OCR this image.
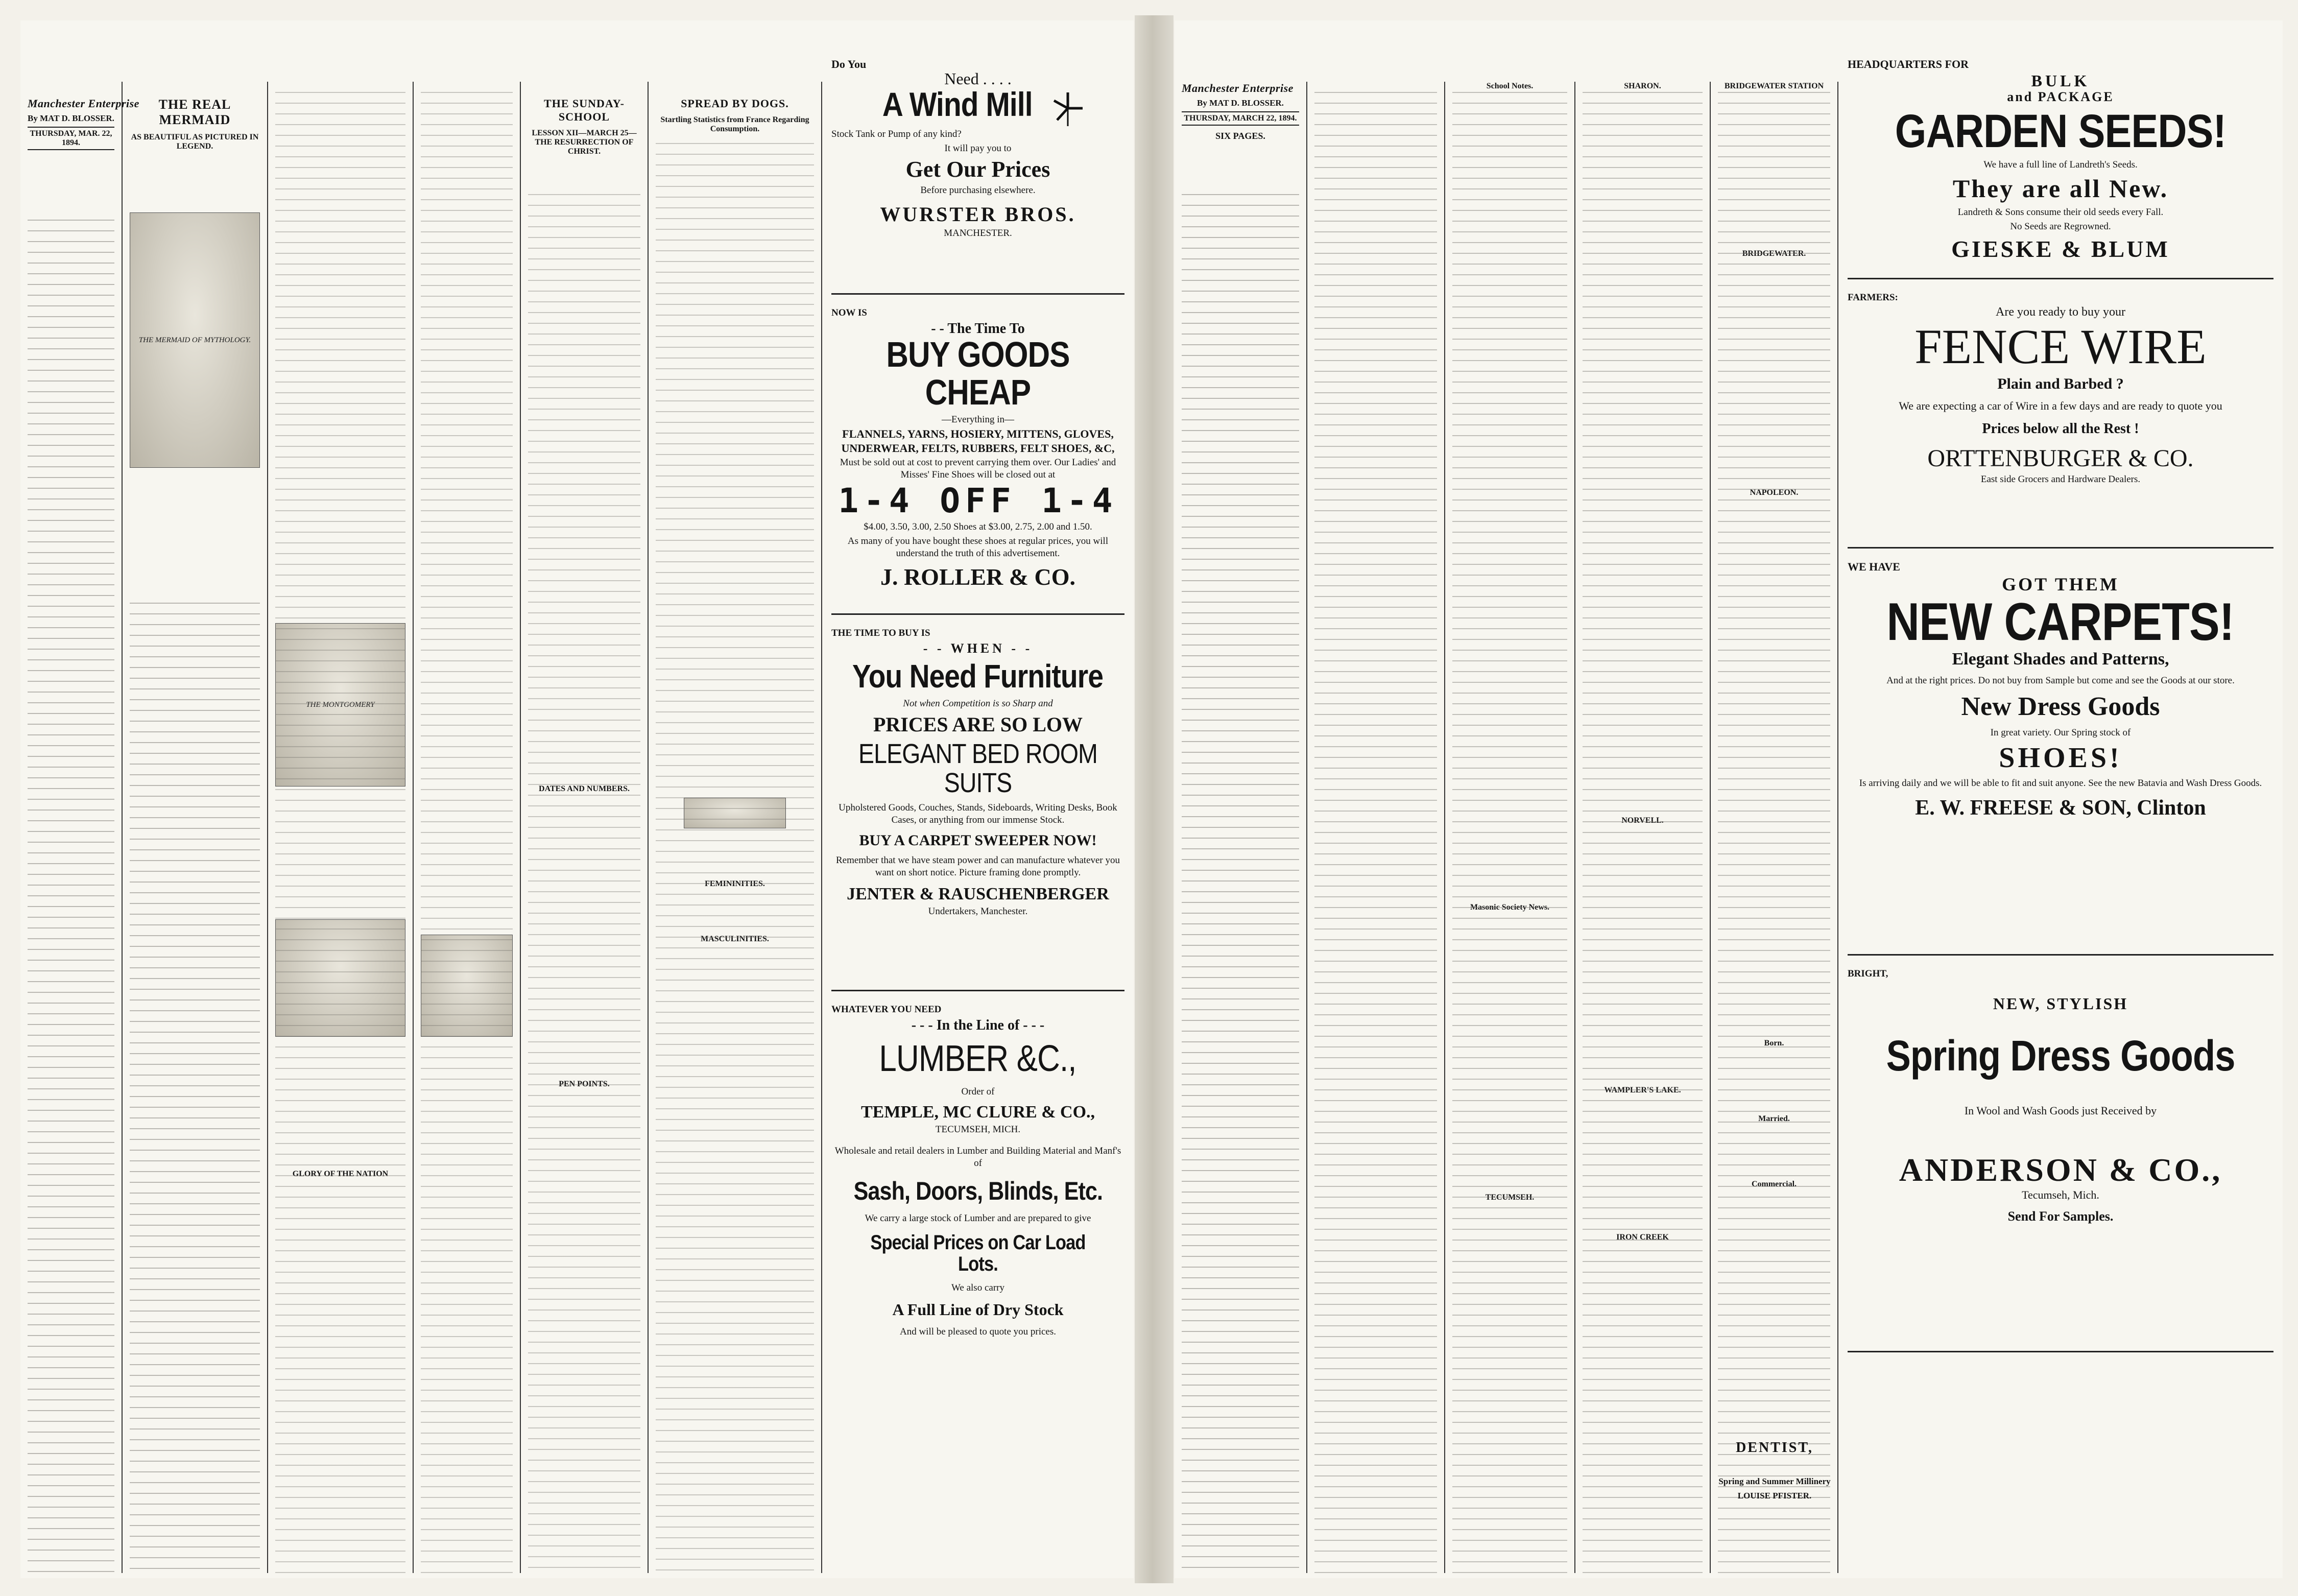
Manchester Enterprise
By MAT D. BLOSSER.
THURSDAY, MAR. 22, 1894.
THE REAL MERMAID
AS BEAUTIFUL AS PICTURED IN LEGEND.
THE MERMAID OF MYTHOLOGY.
THE MONTGOMERY
GLORY OF THE NATION
THE SUNDAY-SCHOOL
LESSON XII—MARCH 25—THE RESURRECTION OF CHRIST.
DATES AND NUMBERS.
PEN POINTS.
SPREAD BY DOGS.
Startling Statistics from France Regarding Consumption.
FEMININITIES.
MASCULINITIES.
Do You
Need . . . .
A Wind Mill
Stock Tank or Pump of any kind?
It will pay you to
Get Our Prices
Before purchasing elsewhere.
WURSTER BROS.
MANCHESTER.
NOW IS
- - The Time To
BUY GOODS CHEAP
—Everything in—
FLANNELS, YARNS, HOSIERY, MITTENS, GLOVES,
UNDERWEAR, FELTS, RUBBERS, FELT SHOES, &C,
Must be sold out at cost to prevent carrying them over. Our Ladies' and Misses' Fine Shoes will be closed out at
1-4 OFF 1-4
$4.00, 3.50, 3.00, 2.50 Shoes at $3.00, 2.75, 2.00 and 1.50.
As many of you have bought these shoes at regular prices, you will understand the truth of this advertisement.
J. ROLLER & CO.
THE TIME TO BUY IS
- - WHEN - -
You Need Furniture
Not when Competition is so Sharp and
PRICES ARE SO LOW
ELEGANT BED ROOM SUITS
Upholstered Goods, Couches, Stands, Sideboards, Writing Desks, Book Cases, or anything from our immense Stock.
BUY A CARPET SWEEPER NOW!
Remember that we have steam power and can manufacture whatever you want on short notice. Picture framing done promptly.
JENTER & RAUSCHENBERGER
Undertakers, Manchester.
WHATEVER YOU NEED
- - - In the Line of - - -
LUMBER &C.,
Order of
TEMPLE, MC CLURE & CO.,
TECUMSEH, MICH.
Wholesale and retail dealers in Lumber and Building Material and Manf's of
Sash, Doors, Blinds, Etc.
We carry a large stock of Lumber and are prepared to give
Special Prices on Car Load Lots.
We also carry
A Full Line of Dry Stock
And will be pleased to quote you prices.
Manchester Enterprise
By MAT D. BLOSSER.
THURSDAY, MARCH 22, 1894.
SIX PAGES.
School Notes.
Masonic Society News.
TECUMSEH.
SHARON.
NORVELL.
WAMPLER'S LAKE.
IRON CREEK
BRIDGEWATER STATION
BRIDGEWATER.
NAPOLEON.
Born.
Married.
Commercial.
HEADQUARTERS FOR
BULK
and PACKAGE
GARDEN SEEDS!
We have a full line of Landreth's Seeds.
They are all New.
Landreth & Sons consume their old seeds every Fall.
No Seeds are Regrowned.
GIESKE & BLUM
FARMERS:
Are you ready to buy your
FENCE WIRE
Plain and Barbed ?
We are expecting a car of Wire in a few days and are ready to quote you
Prices below all the Rest !
ORTTENBURGER & CO.
East side Grocers and Hardware Dealers.
WE HAVE
GOT THEM
NEW CARPETS!
Elegant Shades and Patterns,
And at the right prices. Do not buy from Sample but come and see the Goods at our store.
New Dress Goods
In great variety. Our Spring stock of
SHOES!
Is arriving daily and we will be able to fit and suit anyone. See the new Batavia and Wash Dress Goods.
E. W. FREESE & SON, Clinton
BRIGHT,
NEW, STYLISH
Spring Dress Goods
In Wool and Wash Goods just Received by
ANDERSON & CO.,
Tecumseh, Mich.
Send For Samples.
DENTIST,
Spring and Summer Millinery
LOUISE PFISTER.
